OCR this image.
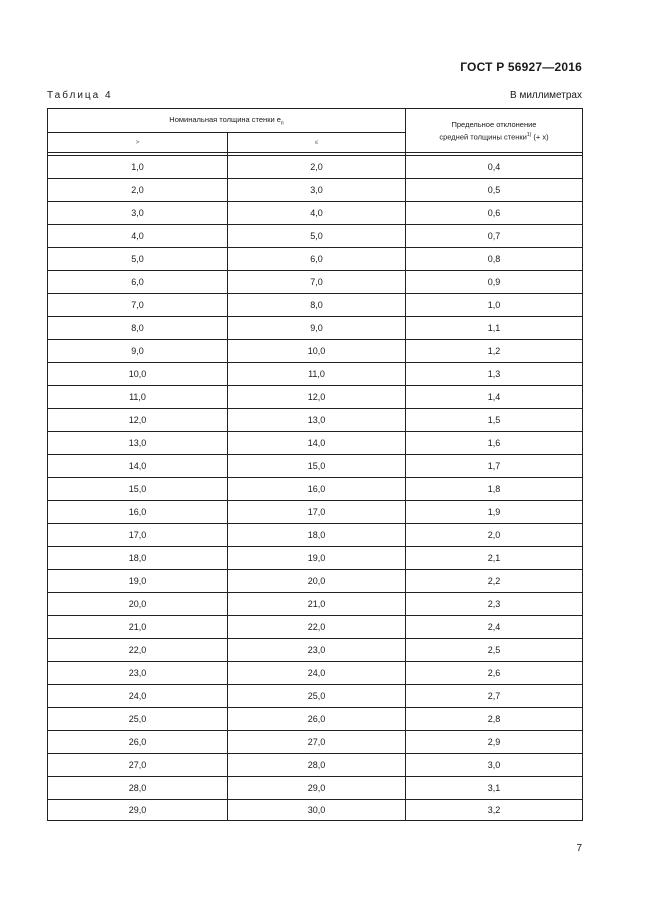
ГОСТ Р 56927—2016
Таблица 4	В миллиметрах
Номинальная толщина стенки $e_n$		Предельное отклонение
средней толщины стенки$^{1)}$ (+ x)
>	≤	

1,0	2,0	0,4
2,0	3,0	0,5
3,0	4,0	0,6
4,0	5,0	0,7
5,0	6,0	0,8
6,0	7,0	0,9
7,0	8,0	1,0
8,0	9,0	1,1
9,0	10,0	1,2
10,0	11,0	1,3
11,0	12,0	1,4
12,0	13,0	1,5
13,0	14,0	1,6
14,0	15,0	1,7
15,0	16,0	1,8
16,0	17,0	1,9
17,0	18,0	2,0
18,0	19,0	2,1
19,0	20,0	2,2
20,0	21,0	2,3
21,0	22,0	2,4
22,0	23,0	2,5
23,0	24,0	2,6
24,0	25,0	2,7
25,0	26,0	2,8
26,0	27,0	2,9
27,0	28,0	3,0
28,0	29,0	3,1
29,0	30,0	3,2
7
